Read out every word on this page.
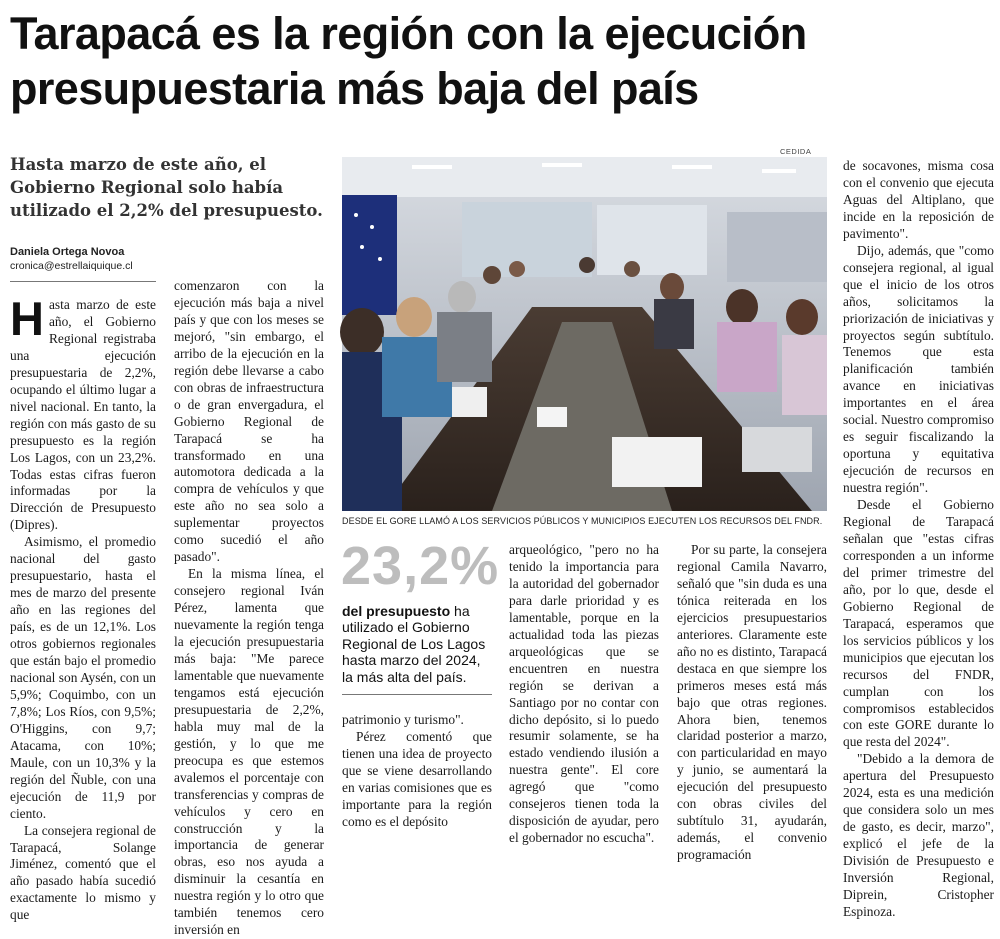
Tarapacá es la región con la ejecución presupuestaria más baja del país
Hasta marzo de este año, el Gobierno Regional solo había utilizado el 2,2% del presupuesto.
Daniela Ortega Novoa
cronica@estrellaiquique.cl

Hasta marzo de este año, el Gobierno Regional registraba una ejecución presupuestaria de 2,2%, ocupando el último lugar a nivel nacional. En tanto, la región con más gasto de su presupuesto es la región Los Lagos, con un 23,2%. Todas estas cifras fueron informadas por la Dirección de Presupuesto (Dipres).

Asimismo, el promedio nacional del gasto presupuestario, hasta el mes de marzo del presente año en las regiones del país, es de un 12,1%. Los otros gobiernos regionales que están bajo el promedio nacional son Aysén, con un 5,9%; Coquimbo, con un 7,8%; Los Ríos, con 9,5%; O'Higgins, con 9,7; Atacama, con 10%; Maule, con un 10,3% y la región del Ñuble, con una ejecución de 11,9 por ciento.

La consejera regional de Tarapacá, Solange Jiménez, comentó que el año pasado había sucedió exactamente lo mismo y que

comenzaron con la ejecución más baja a nivel país y que con los meses se mejoró, "sin embargo, el arribo de la ejecución en la región debe llevarse a cabo con obras de infraestructura o de gran envergadura, el Gobierno Regional de Tarapacá se ha transformado en una automotora dedicada a la compra de vehículos y que este año no sea solo a suplementar proyectos como sucedió el año pasado".

En la misma línea, el consejero regional Iván Pérez, lamenta que nuevamente la región tenga la ejecución presupuestaria más baja: "Me parece lamentable que nuevamente tengamos está ejecución presupuestaria de 2,2%, habla muy mal de la gestión, y lo que me preocupa es que estemos avalemos el porcentaje con transferencias y compras de vehículos y cero en construcción y la importancia de generar obras, eso nos ayuda a disminuir la cesantía en nuestra región y lo otro que también tenemos cero inversión en

CEDIDA
DESDE EL GORE LLAMÓ A LOS SERVICIOS PÚBLICOS Y MUNICIPIOS EJECUTEN LOS RECURSOS DEL FNDR.
23,2%
del presupuesto ha utilizado el Gobierno Regional de Los Lagos hasta marzo del 2024, la más alta del país.

patrimonio y turismo".

Pérez comentó que tienen una idea de proyecto que se viene desarrollando en varias comisiones que es importante para la región como es el depósito

arqueológico, "pero no ha tenido la importancia para la autoridad del gobernador para darle prioridad y es lamentable, porque en la actualidad toda las piezas arqueológicas que se encuentren en nuestra región se derivan a Santiago por no contar con dicho depósito, si lo puedo resumir solamente, se ha estado vendiendo ilusión a nuestra gente". El core agregó que "como consejeros tienen toda la disposición de ayudar, pero el gobernador no escucha".

Por su parte, la consejera regional Camila Navarro, señaló que "sin duda es una tónica reiterada en los ejercicios presupuestarios anteriores. Claramente este año no es distinto, Tarapacá destaca en que siempre los primeros meses está más bajo que otras regiones. Ahora bien, tenemos claridad posterior a marzo, con particularidad en mayo y junio, se aumentará la ejecución del presupuesto con obras civiles del subtítulo 31, ayudarán, además, el convenio programación

de socavones, misma cosa con el convenio que ejecuta Aguas del Altiplano, que incide en la reposición de pavimento".

Dijo, además, que "como consejera regional, al igual que el inicio de los otros años, solicitamos la priorización de iniciativas y proyectos según subtítulo. Tenemos que esta planificación también avance en iniciativas importantes en el área social. Nuestro compromiso es seguir fiscalizando la oportuna y equitativa ejecución de recursos en nuestra región".

Desde el Gobierno Regional de Tarapacá señalan que "estas cifras corresponden a un informe del primer trimestre del año, por lo que, desde el Gobierno Regional de Tarapacá, esperamos que los servicios públicos y los municipios que ejecutan los recursos del FNDR, cumplan con los compromisos establecidos con este GORE durante lo que resta del 2024".

"Debido a la demora de apertura del Presupuesto 2024, esta es una medición que considera solo un mes de gasto, es decir, marzo", explicó el jefe de la División de Presupuesto e Inversión Regional, Diprein, Cristopher Espinoza.
